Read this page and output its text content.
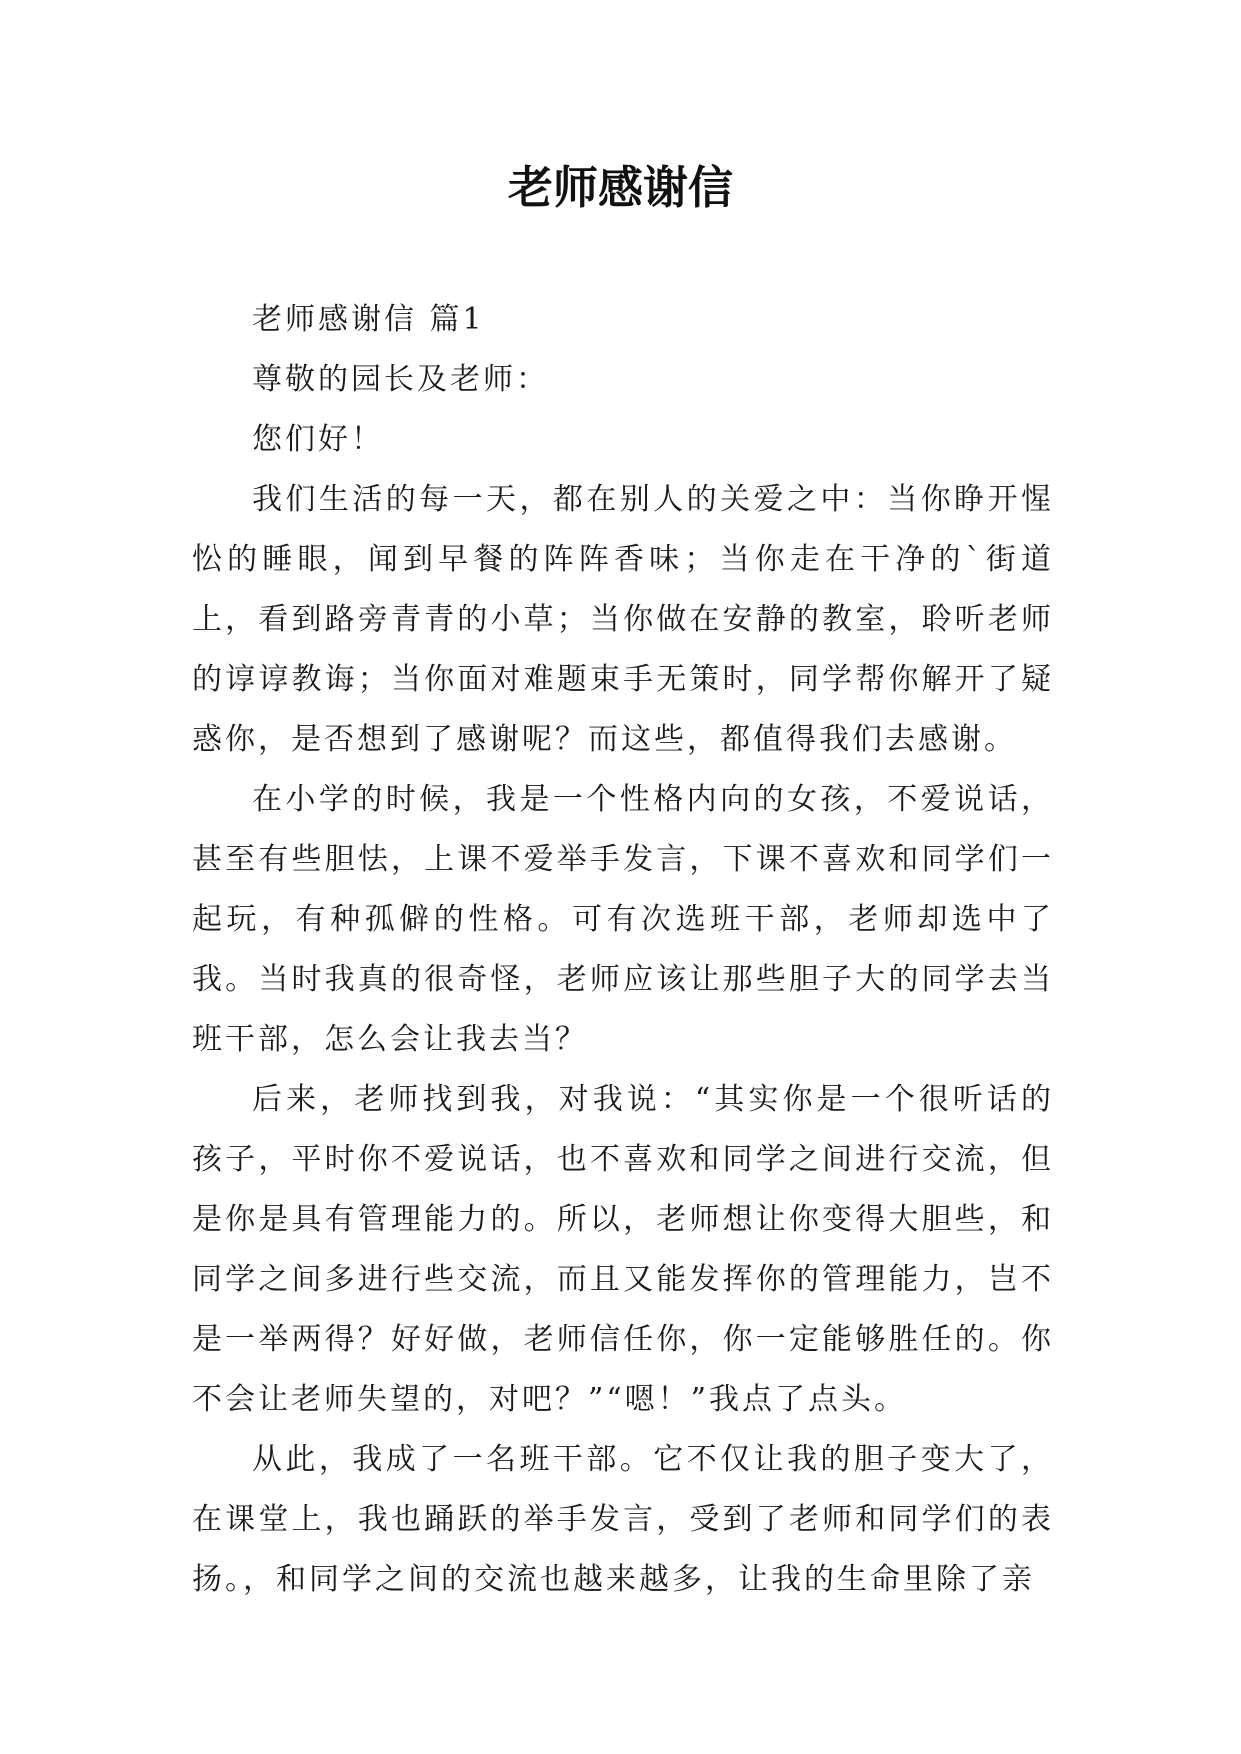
老师感谢信

老师感谢信 篇1

尊敬的园长及老师：

您们好！

我们生活的每一天，都在别人的关爱之中：当你睁开惺忪的睡眼，闻到早餐的阵阵香味；当你走在干净的`街道上，看到路旁青青的小草；当你做在安静的教室，聆听老师的谆谆教诲；当你面对难题束手无策时，同学帮你解开了疑惑你，是否想到了感谢呢？而这些，都值得我们去感谢。

在小学的时候，我是一个性格内向的女孩，不爱说话，甚至有些胆怯，上课不爱举手发言，下课不喜欢和同学们一起玩，有种孤僻的性格。可有次选班干部，老师却选中了我。当时我真的很奇怪，老师应该让那些胆子大的同学去当班干部，怎么会让我去当？

后来，老师找到我，对我说：“其实你是一个很听话的孩子，平时你不爱说话，也不喜欢和同学之间进行交流，但是你是具有管理能力的。所以，老师想让你变得大胆些，和同学之间多进行些交流，而且又能发挥你的管理能力，岂不是一举两得？好好做，老师信任你，你一定能够胜任的。你不会让老师失望的，对吧？”“嗯！”我点了点头。

从此，我成了一名班干部。它不仅让我的胆子变大了，在课堂上，我也踊跃的举手发言，受到了老师和同学们的表扬。，和同学之间的交流也越来越多，让我的生命里除了亲
